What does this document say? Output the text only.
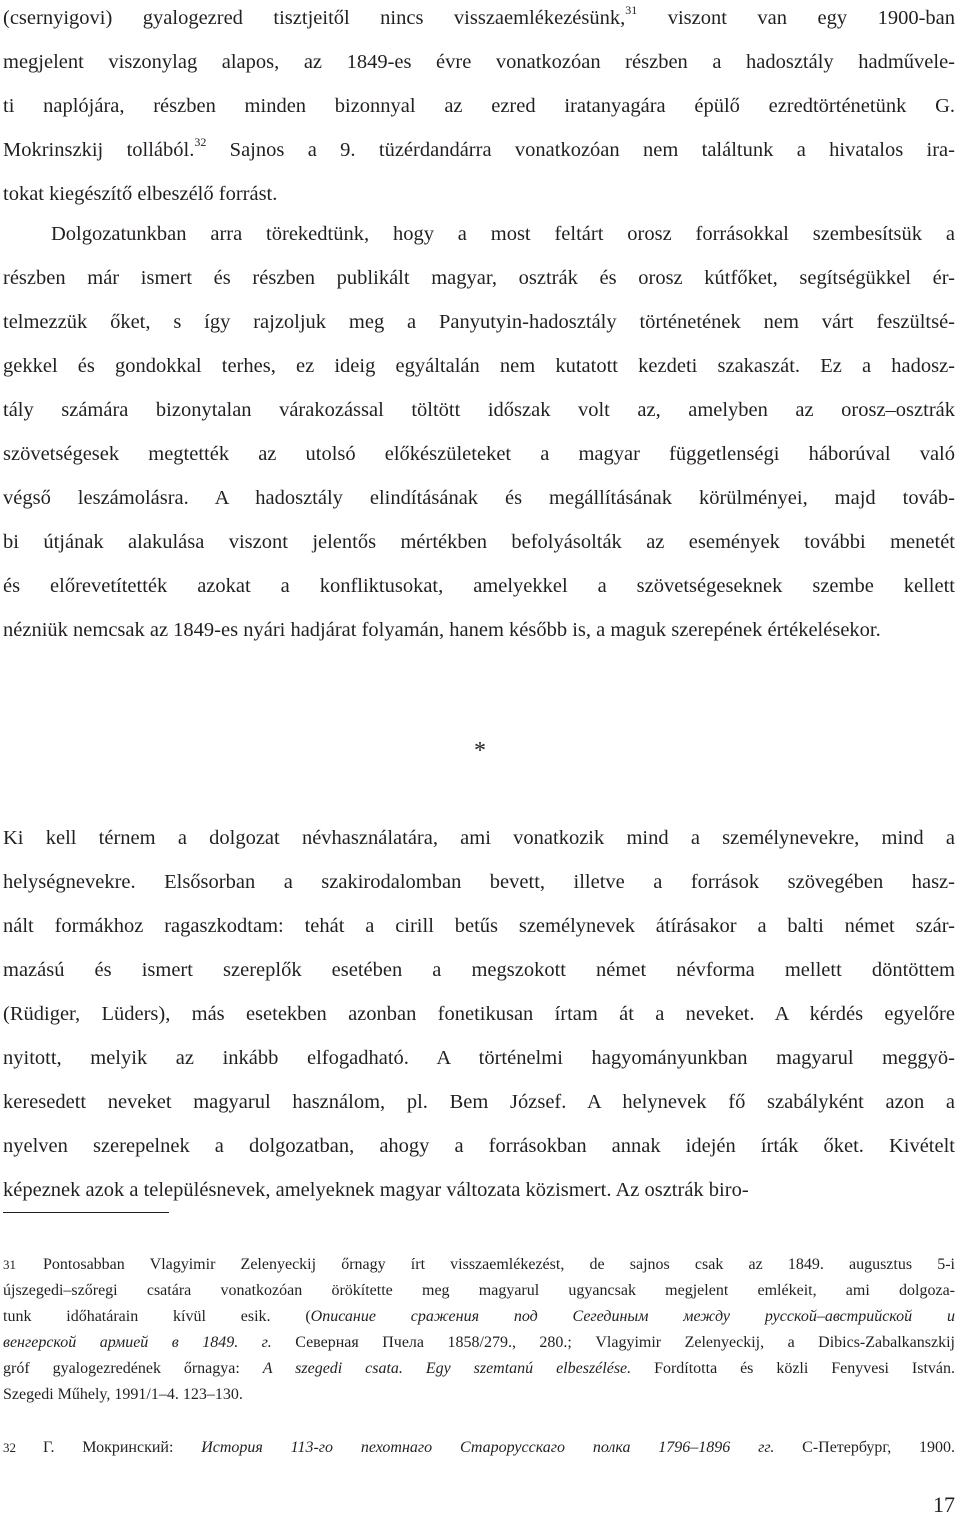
(csernyigovi) gyalogezred tisztjeitől nincs visszaemlékezésünk,$^{31}$ viszont van egy 1900-ban megjelent viszonylag alapos, az 1849-es évre vonatkozóan részben a hadosztály hadművele- ti naplójára, részben minden bizonnyal az ezred iratanyagára épülő ezredtörténetünk G. Mokrinszkij tollából.$^{32}$ Sajnos a 9. tüzérdandárra vonatkozóan nem találtunk a hivatalos ira- tokat kiegészítő elbeszélő forrást.
Dolgozatunkban arra törekedtünk, hogy a most feltárt orosz forrásokkal szembesítsük a részben már ismert és részben publikált magyar, osztrák és orosz kútfőket, segítségükkel ér- telmezzük őket, s így rajzoljuk meg a Panyutyin-hadosztály történetének nem várt feszültsé- gekkel és gondokkal terhes, ez ideig egyáltalán nem kutatott kezdeti szakaszát. Ez a hadosz- tály számára bizonytalan várakozással töltött időszak volt az, amelyben az orosz–osztrák szövetségesek megtették az utolsó előkészületeket a magyar függetlenségi háborúval való végső leszámolásra. A hadosztály elindításának és megállításának körülményei, majd továb- bi útjának alakulása viszont jelentős mértékben befolyásolták az események további menetét és előrevetítették azokat a konfliktusokat, amelyekkel a szövetségeseknek szembe kellett nézniük nemcsak az 1849-es nyári hadjárat folyamán, hanem később is, a maguk szerepének értékelésekor.
*
Ki kell térnem a dolgozat névhasználatára, ami vonatkozik mind a személynevekre, mind a helységnevekre. Elsősorban a szakirodalomban bevett, illetve a források szövegében hasz- nált formákhoz ragaszkodtam: tehát a cirill betűs személynevek átírásakor a balti német szár- mazású és ismert szereplők esetében a megszokott német névforma mellett döntöttem (Rüdiger, Lüders), más esetekben azonban fonetikusan írtam át a neveket. A kérdés egyelőre nyitott, melyik az inkább elfogadható. A történelmi hagyományunkban magyarul meggyö- keresedett neveket magyarul használom, pl. Bem József. A helynevek fő szabályként azon a nyelven szerepelnek a dolgozatban, ahogy a forrásokban annak idején írták őket. Kivételt képeznek azok a településnevek, amelyeknek magyar változata közismert. Az osztrák biro-
31 Pontosabban Vlagyimir Zelenyeckij őrnagy írt visszaemlékezést, de sajnos csak az 1849. augusztus 5-i
újszegedi–szőregi csatára vonatkozóan örökítette meg magyarul ugyancsak megjelent emlékeit, ami dolgoza-
tunk időhatárain kívül esik. (Описание сражения под Сегединым между русской–австрийской и
венгерской армией в 1849. г. Северная Пчела 1858/279., 280.; Vlagyimir Zelenyeckij, a Dibics-Zabalkanszkij
gróf gyalogezredének őrnagya: A szegedi csata. Egy szemtanú elbeszélése. Fordította és közli Fenyvesi István.
Szegedi Műhely, 1991/1–4. 123–130.
32 Г. Мокринский: История 113-го пехотнаго Старорусскаго полка 1796–1896 гг. С-Петербург, 1900.
17
